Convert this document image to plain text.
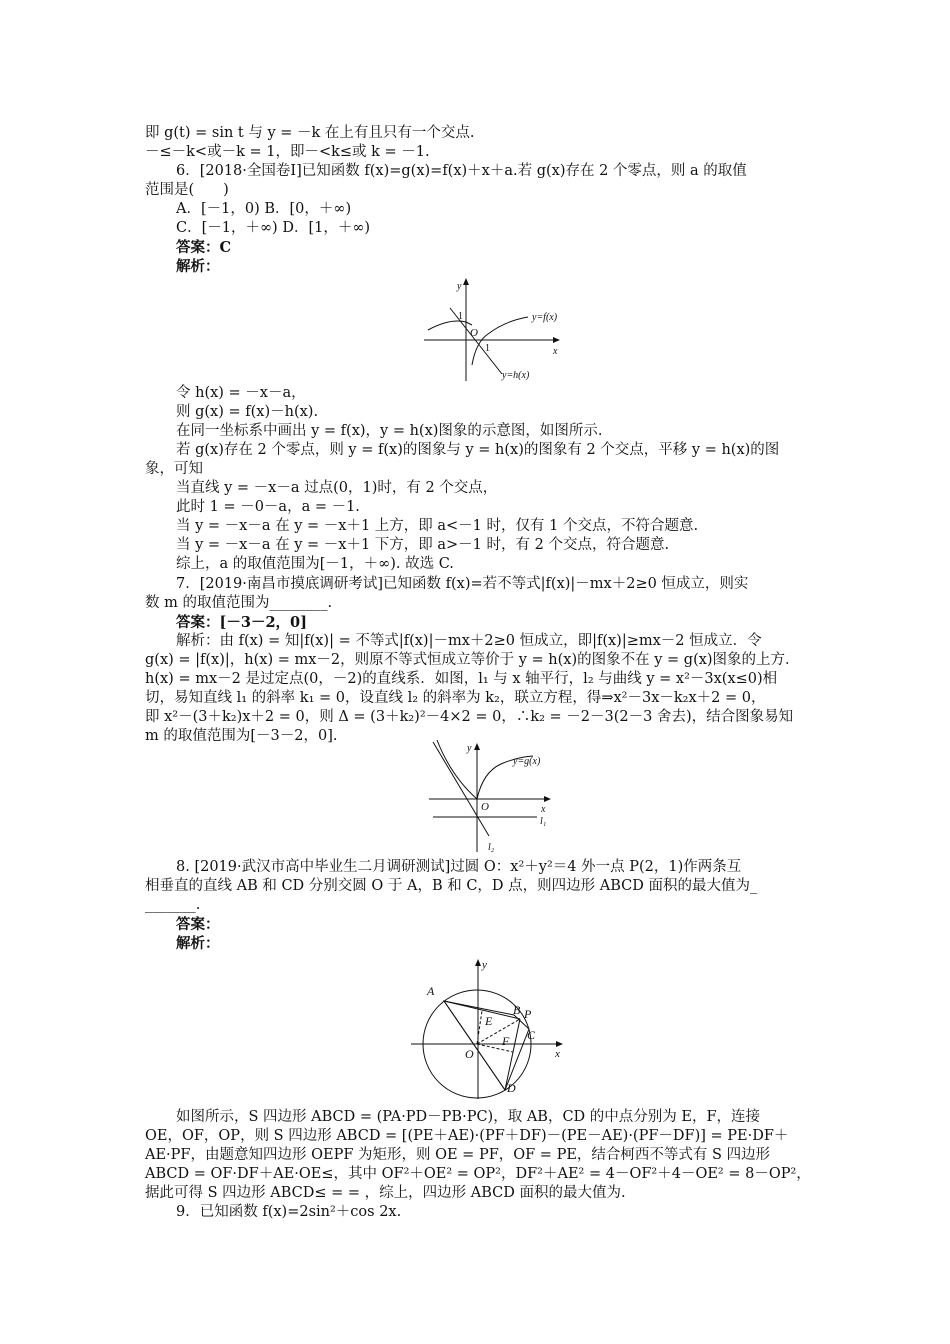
即 g(t) = sin t 与 y = －k 在上有且只有一个交点.
－≤－k<或－k = 1，即－<k≤或 k = －1.
6．[2018·全国卷Ⅰ]已知函数 f(x)=g(x)=f(x)＋x＋a.若 g(x)存在 2 个零点，则 a 的取值
范围是(　　)
A．[－1，0) B．[0，＋∞)
C．[－1，＋∞) D．[1，＋∞)
答案：C
解析：
y
x
O
1
1
y=f(x)
y=h(x)
令 h(x) = －x－a，
则 g(x) = f(x)－h(x).
在同一坐标系中画出 y = f(x)，y = h(x)图象的示意图，如图所示.
若 g(x)存在 2 个零点，则 y = f(x)的图象与 y = h(x)的图象有 2 个交点，平移 y = h(x)的图
象，可知
当直线 y = －x－a 过点(0，1)时，有 2 个交点，
此时 1 = －0－a，a = －1.
当 y = －x－a 在 y = －x＋1 上方，即 a<－1 时，仅有 1 个交点，不符合题意.
当 y = －x－a 在 y = －x＋1 下方，即 a>－1 时，有 2 个交点，符合题意.
综上，a 的取值范围为[－1，＋∞). 故选 C.
7．[2019·南昌市摸底调研考试]已知函数 f(x)=若不等式|f(x)|－mx＋2≥0 恒成立，则实
数 m 的取值范围为________.
答案：[－3－2，0]
解析：由 f(x) = 知|f(x)| = 不等式|f(x)|－mx＋2≥0 恒成立，即|f(x)|≥mx－2 恒成立．令
g(x) = |f(x)|，h(x) = mx－2，则原不等式恒成立等价于 y = h(x)的图象不在 y = g(x)图象的上方．
h(x) = mx－2 是过定点(0，－2)的直线系．如图，l₁ 与 x 轴平行，l₂ 与曲线 y = x²－3x(x≤0)相
切，易知直线 l₁ 的斜率 k₁ = 0，设直线 l₂ 的斜率为 k₂，联立方程，得⇒x²－3x－k₂x＋2 = 0，
即 x²－(3＋k₂)x＋2 = 0，则 Δ = (3＋k₂)²－4×2 = 0，∴k₂ = －2－3(2－3 舍去)，结合图象易知
m 的取值范围为[－3－2，0].
y
x
O
y=g(x)
l₁
l₂
8. [2019·武汉市高中毕业生二月调研测试]过圆 O：x²＋y²＝4 外一点 P(2，1)作两条互
相垂直的直线 AB 和 CD 分别交圆 O 于 A，B 和 C，D 点，则四边形 ABCD 面积的最大值为_
_______.
答案：
解析：
A
B P
C
D
E
F
O
y
x
如图所示，S 四边形 ABCD = (PA·PD－PB·PC)，取 AB，CD 的中点分别为 E，F，连接
OE，OF，OP，则 S 四边形 ABCD = [(PE＋AE)·(PF＋DF)－(PE－AE)·(PF－DF)] = PE·DF＋
AE·PF，由题意知四边形 OEPF 为矩形，则 OE = PF，OF = PE，结合柯西不等式有 S 四边形
ABCD = OF·DF＋AE·OE≤，其中 OF²＋OE² = OP²，DF²＋AE² = 4－OF²＋4－OE² = 8－OP²，
据此可得 S 四边形 ABCD≤ = = ，综上，四边形 ABCD 面积的最大值为.
9．已知函数 f(x)=2sin²＋cos 2x.
